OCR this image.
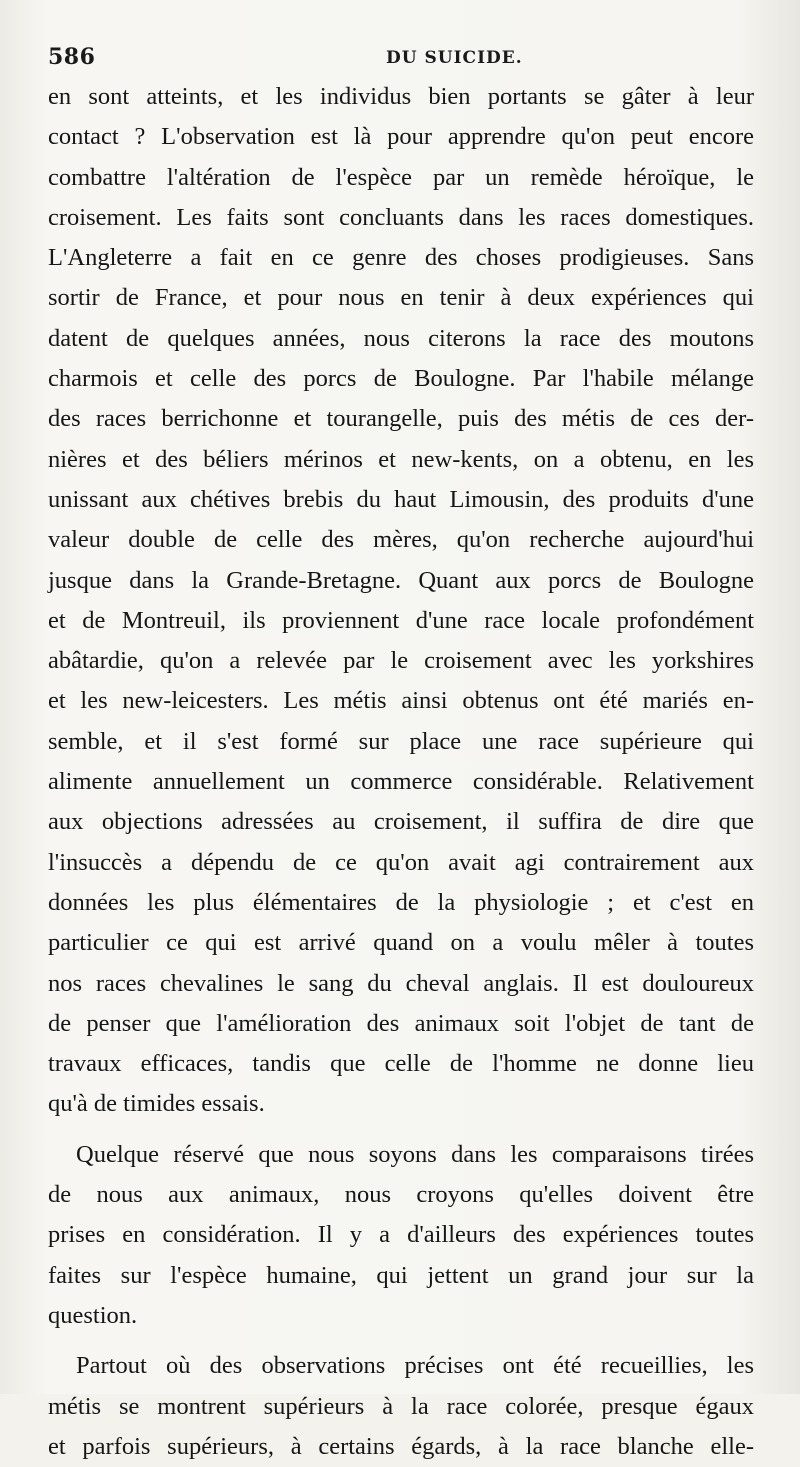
586	DU SUICIDE.
en sont atteints, et les individus bien portants se gâter à leur
contact ? L'observation est là pour apprendre qu'on peut encore
combattre l'altération de l'espèce par un remède héroïque, le
croisement. Les faits sont concluants dans les races domestiques.
L'Angleterre a fait en ce genre des choses prodigieuses. Sans
sortir de France, et pour nous en tenir à deux expériences qui
datent de quelques années, nous citerons la race des moutons
charmois et celle des porcs de Boulogne. Par l'habile mélange
des races berrichonne et tourangelle, puis des métis de ces der-
nières et des béliers mérinos et new-kents, on a obtenu, en les
unissant aux chétives brebis du haut Limousin, des produits d'une
valeur double de celle des mères, qu'on recherche aujourd'hui
jusque dans la Grande-Bretagne. Quant aux porcs de Boulogne
et de Montreuil, ils proviennent d'une race locale profondément
abâtardie, qu'on a relevée par le croisement avec les yorkshires
et les new-leicesters. Les métis ainsi obtenus ont été mariés en-
semble, et il s'est formé sur place une race supérieure qui
alimente annuellement un commerce considérable. Relativement
aux objections adressées au croisement, il suffira de dire que
l'insuccès a dépendu de ce qu'on avait agi contrairement aux
données les plus élémentaires de la physiologie ; et c'est en
particulier ce qui est arrivé quand on a voulu mêler à toutes
nos races chevalines le sang du cheval anglais. Il est douloureux
de penser que l'amélioration des animaux soit l'objet de tant de
travaux efficaces, tandis que celle de l'homme ne donne lieu
qu'à de timides essais.
Quelque réservé que nous soyons dans les comparaisons tirées
de nous aux animaux, nous croyons qu'elles doivent être
prises en considération. Il y a d'ailleurs des expériences toutes
faites sur l'espèce humaine, qui jettent un grand jour sur la
question.
Partout où des observations précises ont été recueillies, les
métis se montrent supérieurs à la race colorée, presque égaux
et parfois supérieurs, à certains égards, à la race blanche elle-
